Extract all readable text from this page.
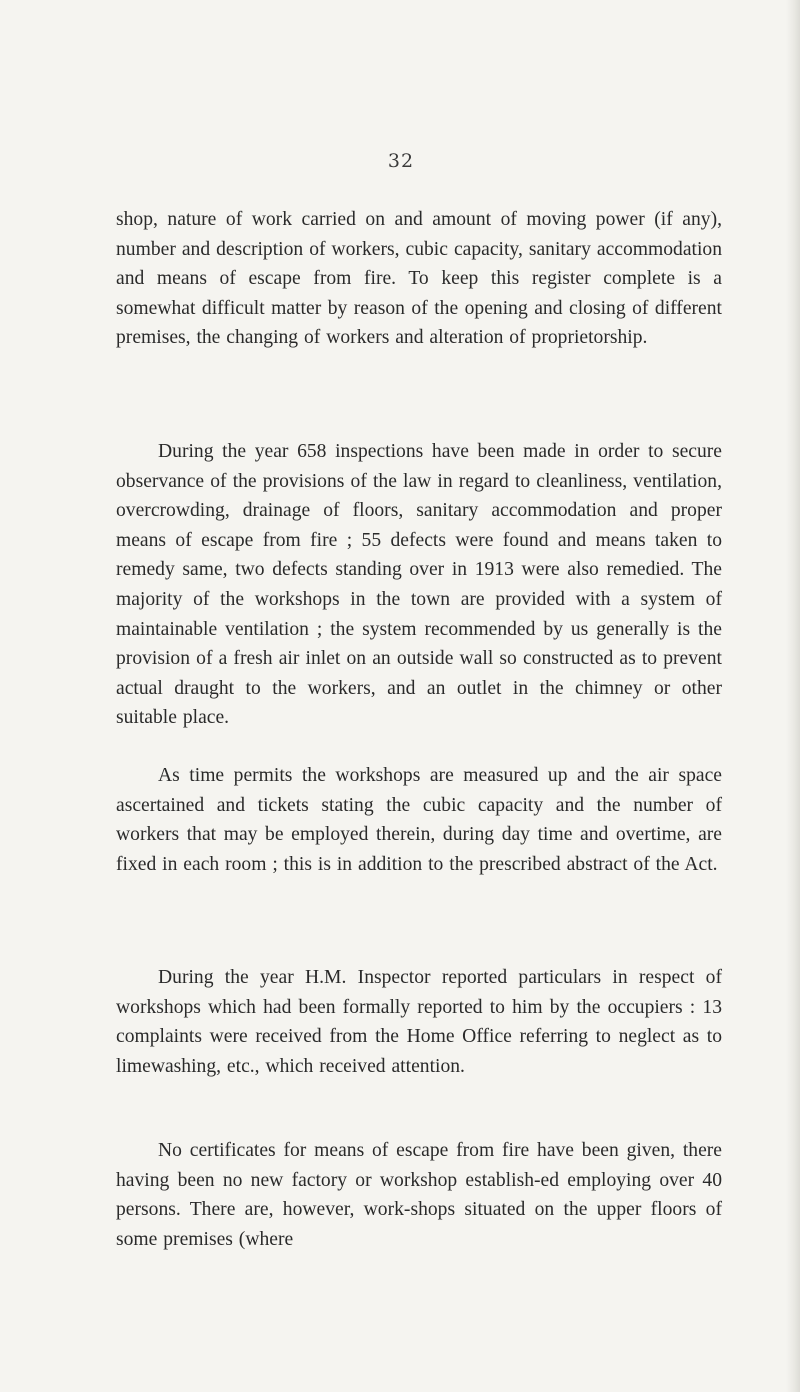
32

shop, nature of work carried on and amount of moving power (if any), number and description of workers, cubic capacity, sanitary accommodation and means of escape from fire. To keep this register complete is a somewhat difficult matter by reason of the opening and closing of different premises, the changing of workers and alteration of proprietorship.

During the year 658 inspections have been made in order to secure observance of the provisions of the law in regard to cleanliness, ventilation, overcrowding, drainage of floors, sanitary accommodation and proper means of escape from fire ; 55 defects were found and means taken to remedy same, two defects standing over in 1913 were also remedied. The majority of the workshops in the town are provided with a system of maintainable ventilation ; the system recommended by us generally is the provision of a fresh air inlet on an outside wall so constructed as to prevent actual draught to the workers, and an outlet in the chimney or other suitable place.

As time permits the workshops are measured up and the air space ascertained and tickets stating the cubic capacity and the number of workers that may be employed therein, during day time and overtime, are fixed in each room ; this is in addition to the prescribed abstract of the Act.

During the year H.M. Inspector reported particulars in respect of workshops which had been formally reported to him by the occupiers : 13 complaints were received from the Home Office referring to neglect as to limewashing, etc., which received attention.

No certificates for means of escape from fire have been given, there having been no new factory or workshop establish-ed employing over 40 persons. There are, however, work-shops situated on the upper floors of some premises (where
